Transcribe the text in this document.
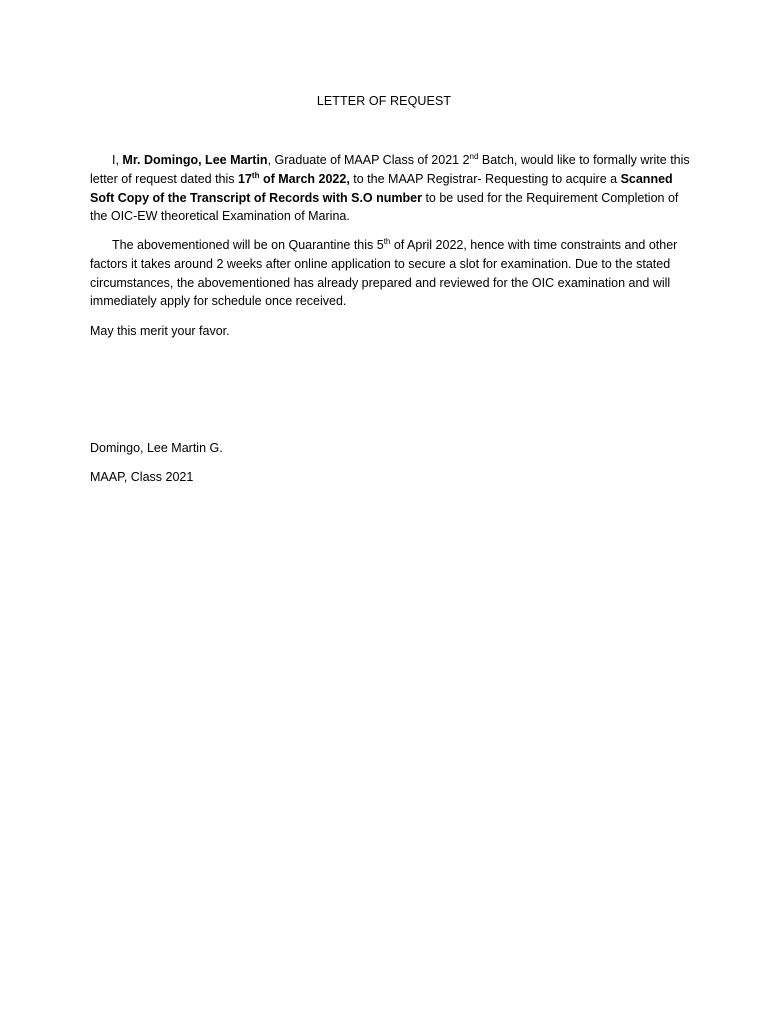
LETTER OF REQUEST

I, Mr. Domingo, Lee Martin, Graduate of MAAP Class of 2021 2nd Batch, would like to formally write this letter of request dated this 17th of March 2022, to the MAAP Registrar- Requesting to acquire a Scanned Soft Copy of the Transcript of Records with S.O number to be used for the Requirement Completion of the OIC-EW theoretical Examination of Marina.

The abovementioned will be on Quarantine this 5th of April 2022, hence with time constraints and other factors it takes around 2 weeks after online application to secure a slot for examination. Due to the stated circumstances, the abovementioned has already prepared and reviewed for the OIC examination and will immediately apply for schedule once received.

May this merit your favor.

Domingo, Lee Martin G.

MAAP, Class 2021
